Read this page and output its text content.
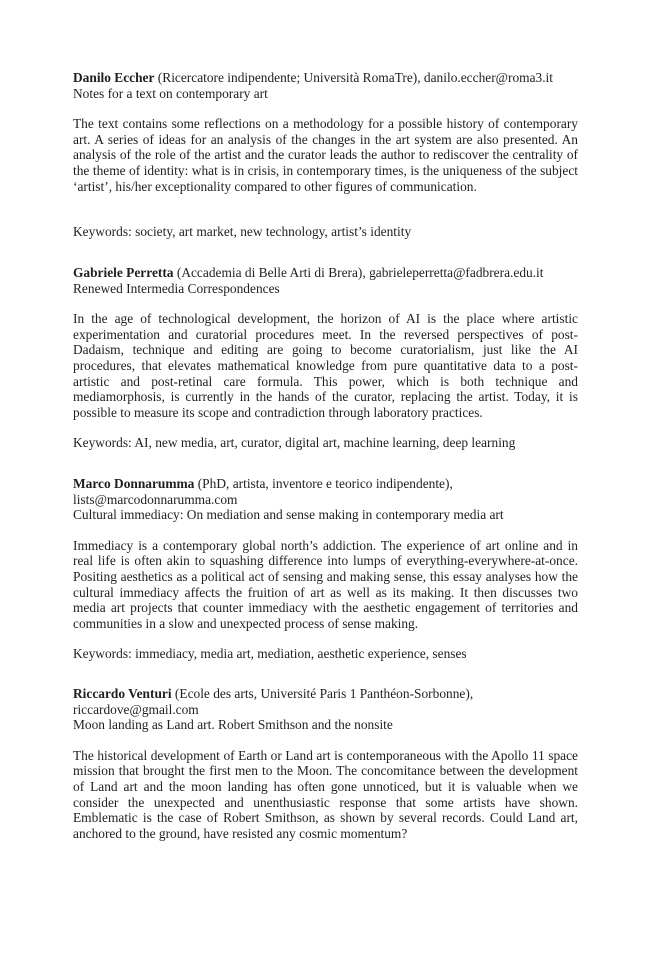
Danilo Eccher (Ricercatore indipendente; Università RomaTre), danilo.eccher@roma3.it

Notes for a text on contemporary art

The text contains some reflections on a methodology for a possible history of contemporary art. A series of ideas for an analysis of the changes in the art system are also presented. An analysis of the role of the artist and the curator leads the author to rediscover the centrality of the theme of identity: what is in crisis, in contemporary times, is the uniqueness of the subject ‘artist’, his/her exceptionality compared to other figures of communication.

Keywords: society, art market, new technology, artist’s identity

Gabriele Perretta (Accademia di Belle Arti di Brera), gabrieleperretta@fadbrera.edu.it

Renewed Intermedia Correspondences

In the age of technological development, the horizon of AI is the place where artistic experimentation and curatorial procedures meet. In the reversed perspectives of post-Dadaism, technique and editing are going to become curatorialism, just like the AI procedures, that elevates mathematical knowledge from pure quantitative data to a post-artistic and post-retinal care formula. This power, which is both technique and mediamorphosis, is currently in the hands of the curator, replacing the artist. Today, it is possible to measure its scope and contradiction through laboratory practices.

Keywords: AI, new media, art, curator, digital art, machine learning, deep learning

Marco Donnarumma (PhD, artista, inventore e teorico indipendente), lists@marcodonnarumma.com

Cultural immediacy: On mediation and sense making in contemporary media art

Immediacy is a contemporary global north’s addiction. The experience of art online and in real life is often akin to squashing difference into lumps of everything-everywhere-at-once. Positing aesthetics as a political act of sensing and making sense, this essay analyses how the cultural immediacy affects the fruition of art as well as its making. It then discusses two media art projects that counter immediacy with the aesthetic engagement of territories and communities in a slow and unexpected process of sense making.

Keywords: immediacy, media art, mediation, aesthetic experience, senses

Riccardo Venturi (Ecole des arts, Université Paris 1 Panthéon-Sorbonne), riccardove@gmail.com

Moon landing as Land art. Robert Smithson and the nonsite

The historical development of Earth or Land art is contemporaneous with the Apollo 11 space mission that brought the first men to the Moon. The concomitance between the development of Land art and the moon landing has often gone unnoticed, but it is valuable when we consider the unexpected and unenthusiastic response that some artists have shown. Emblematic is the case of Robert Smithson, as shown by several records. Could Land art, anchored to the ground, have resisted any cosmic momentum?
